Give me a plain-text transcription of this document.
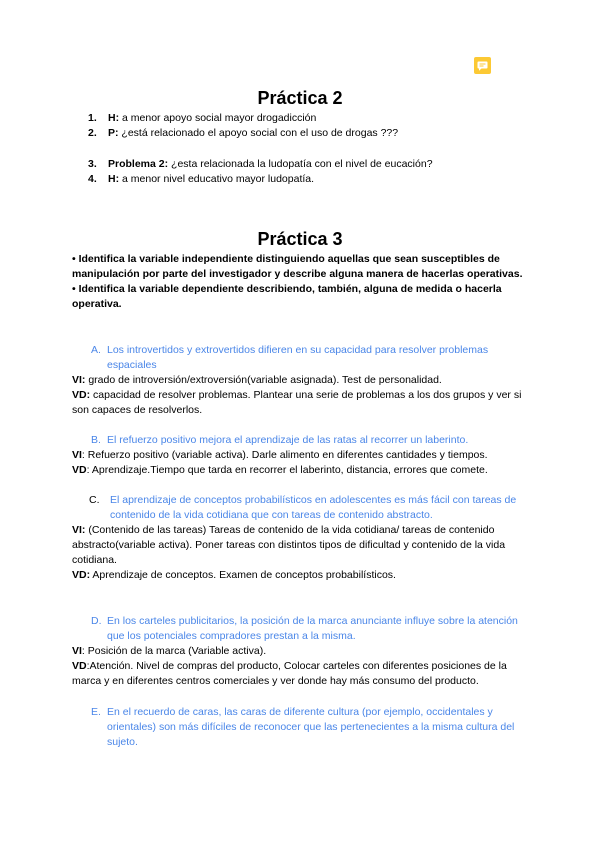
Práctica 2
1. H: a menor apoyo social mayor drogadicción
2. P: ¿está relacionado el apoyo social con el uso de drogas ???
3. Problema 2: ¿esta relacionada la ludopatía con el nivel de eucación?
4. H: a menor nivel educativo mayor ludopatía.
Práctica 3

• Identifica la variable independiente distinguiendo aquellas que sean susceptibles de manipulación por parte del investigador y describe alguna manera de hacerlas operativas.

• Identifica la variable dependiente describiendo, también, alguna de medida o hacerla operativa.

A. Los introvertidos y extrovertidos difieren en su capacidad para resolver problemas espaciales

VI: grado de introversión/extroversión(variable asignada). Test de personalidad.

VD: capacidad de resolver problemas. Plantear una serie de problemas a los dos grupos y ver si son capaces de resolverlos.

B. El refuerzo positivo mejora el aprendizaje de las ratas al recorrer un laberinto.

VI: Refuerzo positivo (variable activa). Darle alimento en diferentes cantidades y tiempos.

VD: Aprendizaje.Tiempo que tarda en recorrer el laberinto, distancia, errores que comete.

C.	El aprendizaje de conceptos probabilísticos en adolescentes es más fácil con tareas de contenido de la vida cotidiana que con tareas de contenido abstracto.

VI: (Contenido de las tareas) Tareas de contenido de la vida cotidiana/ tareas de contenido abstracto(variable activa). Poner tareas con distintos tipos de dificultad y contenido de la vida cotidiana.

VD: Aprendizaje de conceptos. Examen de conceptos probabilísticos.

D. En los carteles publicitarios, la posición de la marca anunciante influye sobre la atención que los potenciales compradores prestan a la misma.

VI: Posición de la marca (Variable activa).

VD:Atención. Nivel de compras del producto, Colocar carteles con diferentes posiciones de la marca y en diferentes centros comerciales y ver donde hay más consumo del producto.

E. En el recuerdo de caras, las caras de diferente cultura (por ejemplo, occidentales y orientales) son más difíciles de reconocer que las pertenecientes a la misma cultura del sujeto.
